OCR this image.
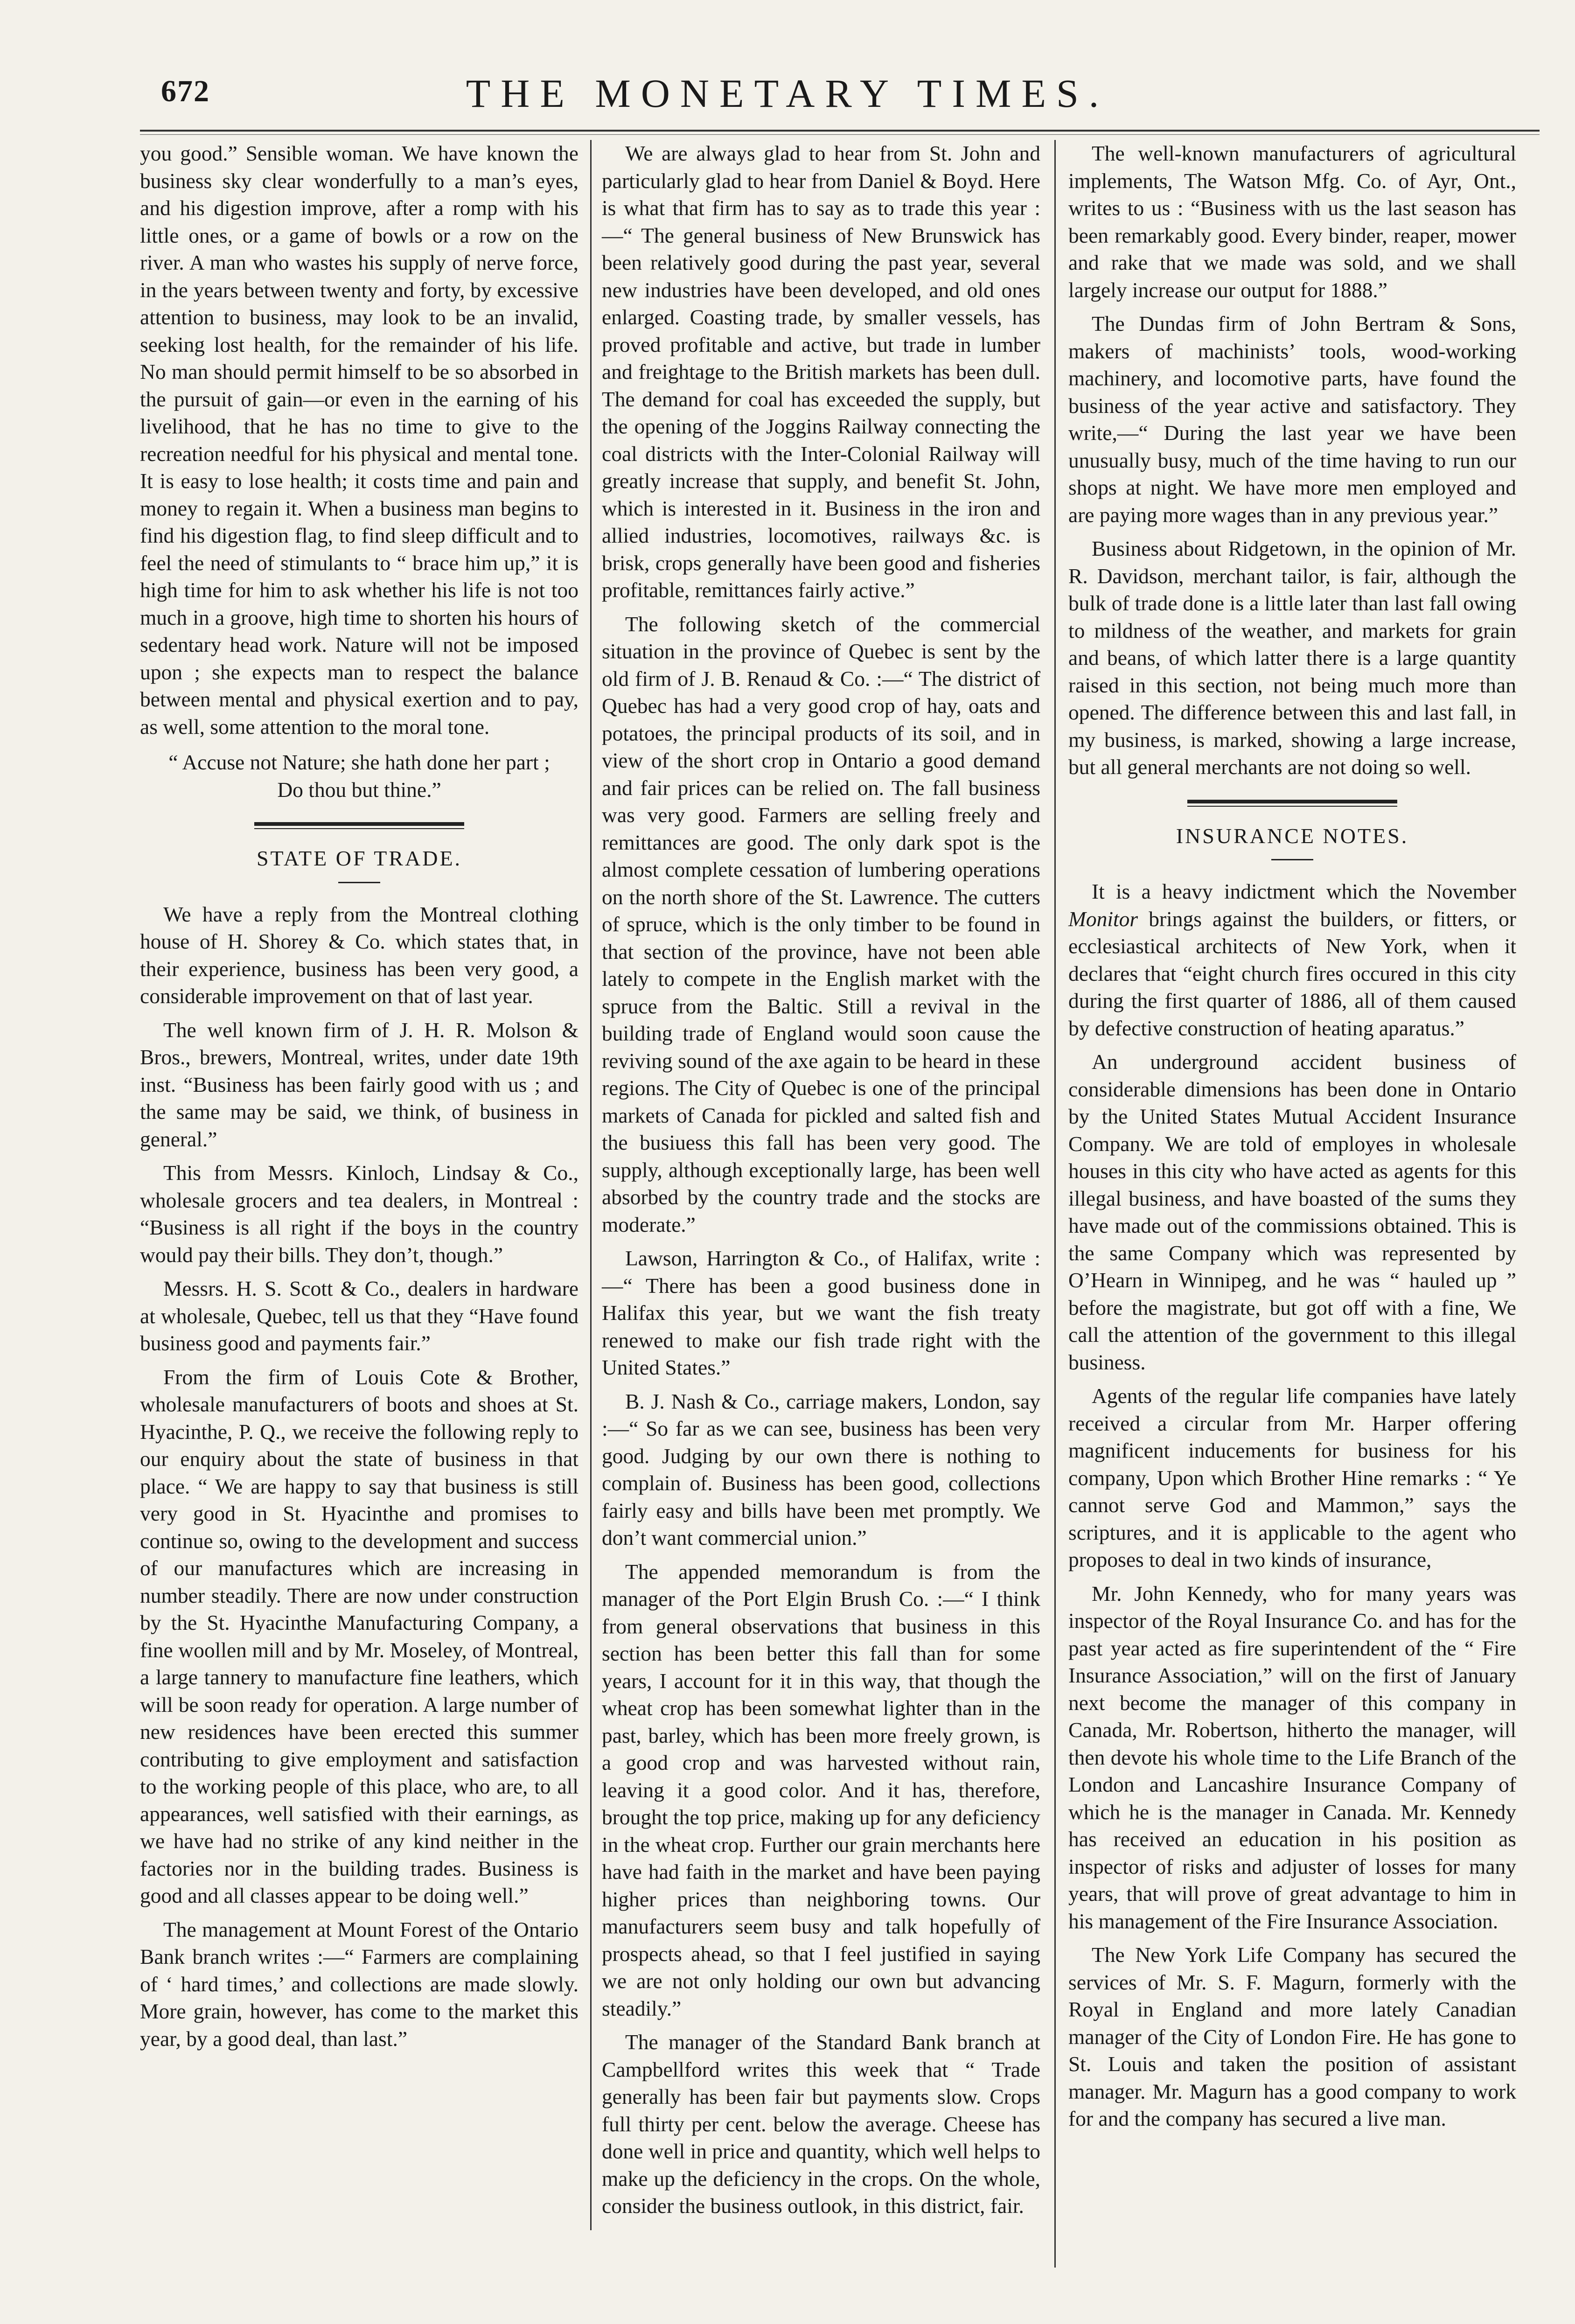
672	THE MONETARY TIMES.

you good.” Sensible woman. We have known the business sky clear wonderfully to a man’s eyes, and his digestion improve, after a romp with his little ones, or a game of bowls or a row on the river. A man who wastes his supply of nerve force, in the years between twenty and forty, by excessive attention to business, may look to be an invalid, seeking lost health, for the remainder of his life. No man should permit himself to be so absorbed in the pursuit of gain—or even in the earning of his livelihood, that he has no time to give to the recreation needful for his physical and mental tone. It is easy to lose health; it costs time and pain and money to regain it. When a business man begins to find his digestion flag, to find sleep difficult and to feel the need of stimulants to “ brace him up,” it is high time for him to ask whether his life is not too much in a groove, high time to shorten his hours of sedentary head work. Nature will not be imposed upon ; she expects man to respect the balance between mental and physical exertion and to pay, as well, some attention to the moral tone.

“ Accuse not Nature; she hath done her part ;
Do thou but thine.”
STATE OF TRADE.

We have a reply from the Montreal clothing house of H. Shorey & Co. which states that, in their experience, business has been very good, a considerable improvement on that of last year.

The well known firm of J. H. R. Molson & Bros., brewers, Montreal, writes, under date 19th inst. “Business has been fairly good with us ; and the same may be said, we think, of business in general.”

This from Messrs. Kinloch, Lindsay & Co., wholesale grocers and tea dealers, in Montreal : “Business is all right if the boys in the country would pay their bills. They don’t, though.”

Messrs. H. S. Scott & Co., dealers in hardware at wholesale, Quebec, tell us that they “Have found business good and payments fair.”

From the firm of Louis Cote & Brother, wholesale manufacturers of boots and shoes at St. Hyacinthe, P. Q., we receive the following reply to our enquiry about the state of business in that place. “ We are happy to say that business is still very good in St. Hyacinthe and promises to continue so, owing to the development and success of our manufactures which are increasing in number steadily. There are now under construction by the St. Hyacinthe Manufacturing Company, a fine woollen mill and by Mr. Moseley, of Montreal, a large tannery to manufacture fine leathers, which will be soon ready for operation. A large number of new residences have been erected this summer contributing to give employment and satisfaction to the working people of this place, who are, to all appearances, well satisfied with their earnings, as we have had no strike of any kind neither in the factories nor in the building trades. Business is good and all classes appear to be doing well.”

The management at Mount Forest of the Ontario Bank branch writes :—“ Farmers are complaining of ‘ hard times,’ and collections are made slowly. More grain, however, has come to the market this year, by a good deal, than last.”

We are always glad to hear from St. John and particularly glad to hear from Daniel & Boyd. Here is what that firm has to say as to trade this year :—“ The general business of New Brunswick has been relatively good during the past year, several new industries have been developed, and old ones enlarged. Coasting trade, by smaller vessels, has proved profitable and active, but trade in lumber and freightage to the British markets has been dull. The demand for coal has exceeded the supply, but the opening of the Joggins Railway connecting the coal districts with the Inter-Colonial Railway will greatly increase that supply, and benefit St. John, which is interested in it. Business in the iron and allied industries, locomotives, railways &c. is brisk, crops generally have been good and fisheries profitable, remittances fairly active.”

The following sketch of the commercial situation in the province of Quebec is sent by the old firm of J. B. Renaud & Co. :—“ The district of Quebec has had a very good crop of hay, oats and potatoes, the principal products of its soil, and in view of the short crop in Ontario a good demand and fair prices can be relied on. The fall business was very good. Farmers are selling freely and remittances are good. The only dark spot is the almost complete cessation of lumbering operations on the north shore of the St. Lawrence. The cutters of spruce, which is the only timber to be found in that section of the province, have not been able lately to compete in the English market with the spruce from the Baltic. Still a revival in the building trade of England would soon cause the reviving sound of the axe again to be heard in these regions. The City of Quebec is one of the principal markets of Canada for pickled and salted fish and the busiuess this fall has been very good. The supply, although exceptionally large, has been well absorbed by the country trade and the stocks are moderate.”

Lawson, Harrington & Co., of Halifax, write :—“ There has been a good business done in Halifax this year, but we want the fish treaty renewed to make our fish trade right with the United States.”

B. J. Nash & Co., carriage makers, London, say :—“ So far as we can see, business has been very good. Judging by our own there is nothing to complain of. Business has been good, collections fairly easy and bills have been met promptly. We don’t want commercial union.”

The appended memorandum is from the manager of the Port Elgin Brush Co. :—“ I think from general observations that business in this section has been better this fall than for some years, I account for it in this way, that though the wheat crop has been somewhat lighter than in the past, barley, which has been more freely grown, is a good crop and was harvested without rain, leaving it a good color. And it has, therefore, brought the top price, making up for any deficiency in the wheat crop. Further our grain merchants here have had faith in the market and have been paying higher prices than neighboring towns. Our manufacturers seem busy and talk hopefully of prospects ahead, so that I feel justified in saying we are not only holding our own but advancing steadily.”

The manager of the Standard Bank branch at Campbellford writes this week that “ Trade generally has been fair but payments slow. Crops full thirty per cent. below the average. Cheese has done well in price and quantity, which well helps to make up the deficiency in the crops. On the whole, consider the business outlook, in this district, fair.

The well-known manufacturers of agricultural implements, The Watson Mfg. Co. of Ayr, Ont., writes to us : “Business with us the last season has been remarkably good. Every binder, reaper, mower and rake that we made was sold, and we shall largely increase our output for 1888.”

The Dundas firm of John Bertram & Sons, makers of machinists’ tools, wood-working machinery, and locomotive parts, have found the business of the year active and satisfactory. They write,—“ During the last year we have been unusually busy, much of the time having to run our shops at night. We have more men employed and are paying more wages than in any previous year.”

Business about Ridgetown, in the opinion of Mr. R. Davidson, merchant tailor, is fair, although the bulk of trade done is a little later than last fall owing to mildness of the weather, and markets for grain and beans, of which latter there is a large quantity raised in this section, not being much more than opened. The difference between this and last fall, in my business, is marked, showing a large increase, but all general merchants are not doing so well.

INSURANCE NOTES.

It is a heavy indictment which the November Monitor brings against the builders, or fitters, or ecclesiastical architects of New York, when it declares that “eight church fires occured in this city during the first quarter of 1886, all of them caused by defective construction of heating aparatus.”

An underground accident business of considerable dimensions has been done in Ontario by the United States Mutual Accident Insurance Company. We are told of employes in wholesale houses in this city who have acted as agents for this illegal business, and have boasted of the sums they have made out of the commissions obtained. This is the same Company which was represented by O’Hearn in Winnipeg, and he was “ hauled up ” before the magistrate, but got off with a fine, We call the attention of the government to this illegal business.

Agents of the regular life companies have lately received a circular from Mr. Harper offering magnificent inducements for business for his company, Upon which Brother Hine remarks : “ Ye cannot serve God and Mammon,” says the scriptures, and it is applicable to the agent who proposes to deal in two kinds of insurance,

Mr. John Kennedy, who for many years was inspector of the Royal Insurance Co. and has for the past year acted as fire superintendent of the “ Fire Insurance Association,” will on the first of January next become the manager of this company in Canada, Mr. Robertson, hitherto the manager, will then devote his whole time to the Life Branch of the London and Lancashire Insurance Company of which he is the manager in Canada. Mr. Kennedy has received an education in his position as inspector of risks and adjuster of losses for many years, that will prove of great advantage to him in his management of the Fire Insurance Association.

The New York Life Company has secured the services of Mr. S. F. Magurn, formerly with the Royal in England and more lately Canadian manager of the City of London Fire. He has gone to St. Louis and taken the position of assistant manager. Mr. Magurn has a good company to work for and the company has secured a live man.
